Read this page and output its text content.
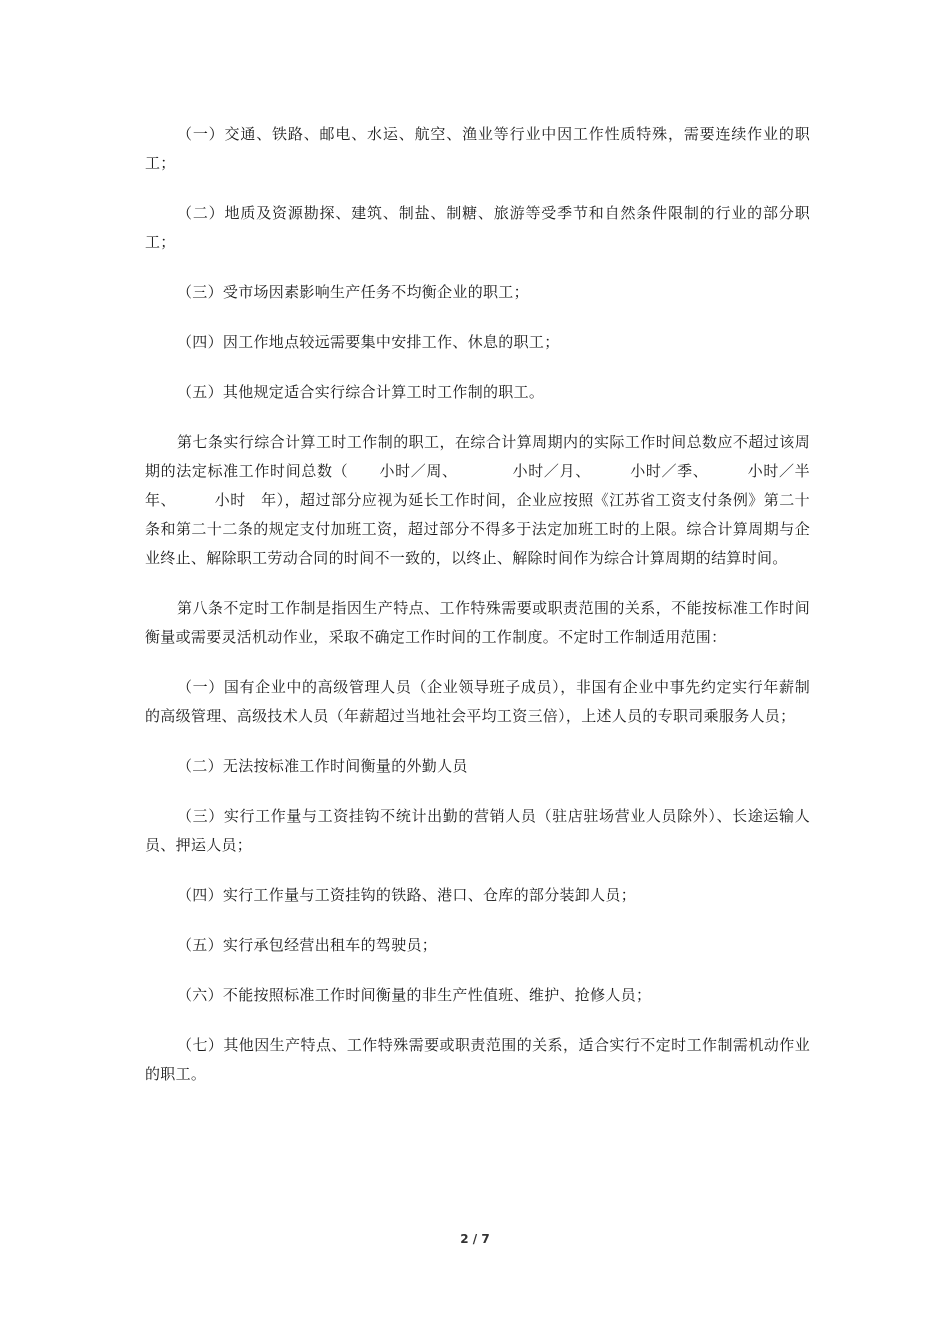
（一）交通、铁路、邮电、水运、航空、渔业等行业中因工作性质特殊，需要连续作业的职工；

（二）地质及资源勘探、建筑、制盐、制糖、旅游等受季节和自然条件限制的行业的部分职工；

（三）受市场因素影响生产任务不均衡企业的职工；

（四）因工作地点较远需要集中安排工作、休息的职工；

（五）其他规定适合实行综合计算工时工作制的职工。

第七条实行综合计算工时工作制的职工，在综合计算周期内的实际工作时间总数应不超过该周期的法定标准工作时间总数（　　小时／周、　　　　小时／月、　　　小时／季、　　　小时／半年、　　　小时　年），超过部分应视为延长工作时间，企业应按照《江苏省工资支付条例》第二十条和第二十二条的规定支付加班工资，超过部分不得多于法定加班工时的上限。综合计算周期与企业终止、解除职工劳动合同的时间不一致的，以终止、解除时间作为综合计算周期的结算时间。

第八条不定时工作制是指因生产特点、工作特殊需要或职责范围的关系，不能按标准工作时间衡量或需要灵活机动作业，采取不确定工作时间的工作制度。不定时工作制适用范围：

（一）国有企业中的高级管理人员（企业领导班子成员），非国有企业中事先约定实行年薪制的高级管理、高级技术人员（年薪超过当地社会平均工资三倍），上述人员的专职司乘服务人员；

（二）无法按标准工作时间衡量的外勤人员

（三）实行工作量与工资挂钩不统计出勤的营销人员（驻店驻场营业人员除外）、长途运输人员、押运人员；

（四）实行工作量与工资挂钩的铁路、港口、仓库的部分装卸人员；

（五）实行承包经营出租车的驾驶员；

（六）不能按照标准工作时间衡量的非生产性值班、维护、抢修人员；

（七）其他因生产特点、工作特殊需要或职责范围的关系，适合实行不定时工作制需机动作业的职工。

2 / 7
